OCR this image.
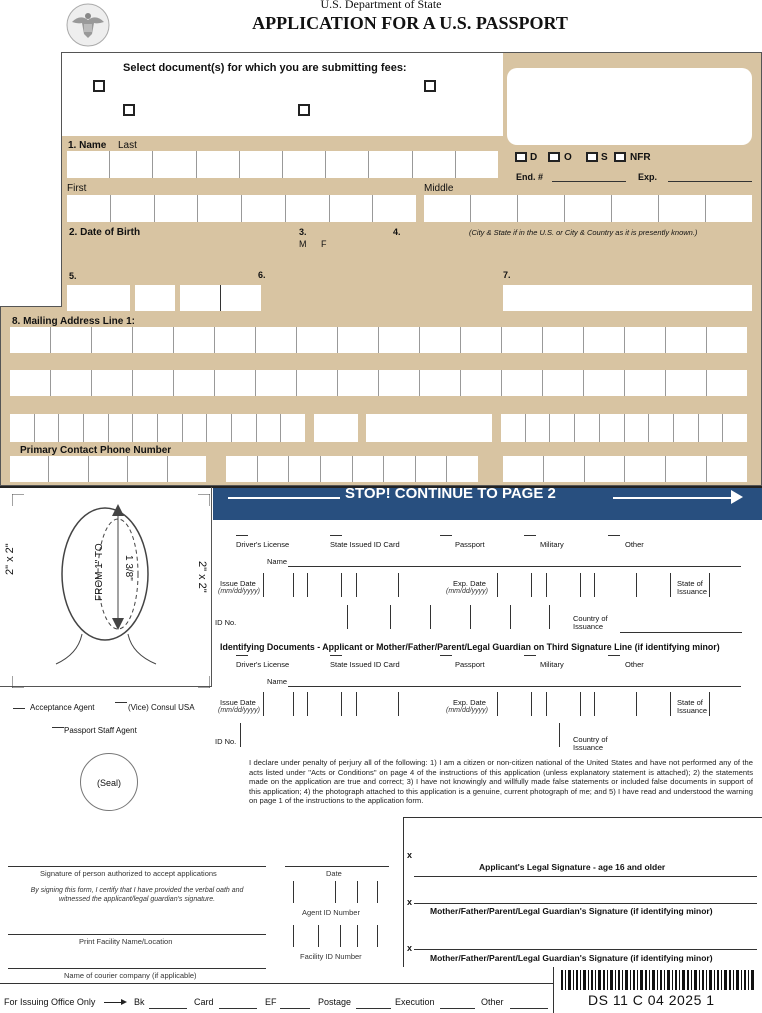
U.S. Department of State
APPLICATION FOR A U.S. PASSPORT
Select document(s) for which you are submitting fees:
1. Name Last
D	O	S NFR
End. #	Exp.
First	Middle
2. Date of Birth	3.
M F
4.	(City & State if in the U.S. or City & Country as it is presently known.)
5.	6.	7.
8. Mailing Address Line 1:
Primary Contact Phone Number
2" x 2"
2" x 2"
FROM 1" TO 1 3/8"
STOP! CONTINUE TO PAGE 2
Driver's License	State Issued ID Card	Passport	Military	Other
Name
Issue Date
(mm/dd/yyyy)
Exp. Date
(mm/dd/yyyy)
State of
Issuance
ID No.	Country of
Issuance
Identifying Documents - Applicant or Mother/Father/Parent/Legal Guardian on Third Signature Line (if identifying minor)
Driver's License	State Issued ID Card	Passport	Military	Other
Name
Issue Date
(mm/dd/yyyy)
Exp. Date
(mm/dd/yyyy)
State of
Issuance
ID No.	Country of
Issuance
Acceptance Agent	(Vice) Consul USA
Passport Staff Agent
(Seal)
I declare under penalty of perjury all of the following: 1) I am a citizen or non-citizen national of the United States and have not performed any of the acts listed under "Acts or Conditions" on page 4 of the instructions of this application (unless explanatory statement is attached); 2) the statements made on the application are true and correct; 3) I have not knowingly and willfully made false statements or included false documents in support of this application; 4) the photograph attached to this application is a genuine, current photograph of me; and 5) I have read and understood the warning on page 1 of the instructions to the application form.
x
Applicant's Legal Signature - age 16 and older
x
Mother/Father/Parent/Legal Guardian's Signature (if identifying minor)
x
Mother/Father/Parent/Legal Guardian's Signature (if identifying minor)
Signature of person authorized to accept applications
By signing this form, I certify that I have provided the verbal oath and witnessed the applicant/legal guardian's signature.
Date
Agent ID Number
Facility ID Number
Print Facility Name/Location
Name of courier company (if applicable)
For Issuing Office Only	Bk	Card	EF	Postage	Execution	Other	DS 11 C 04 2025 1
